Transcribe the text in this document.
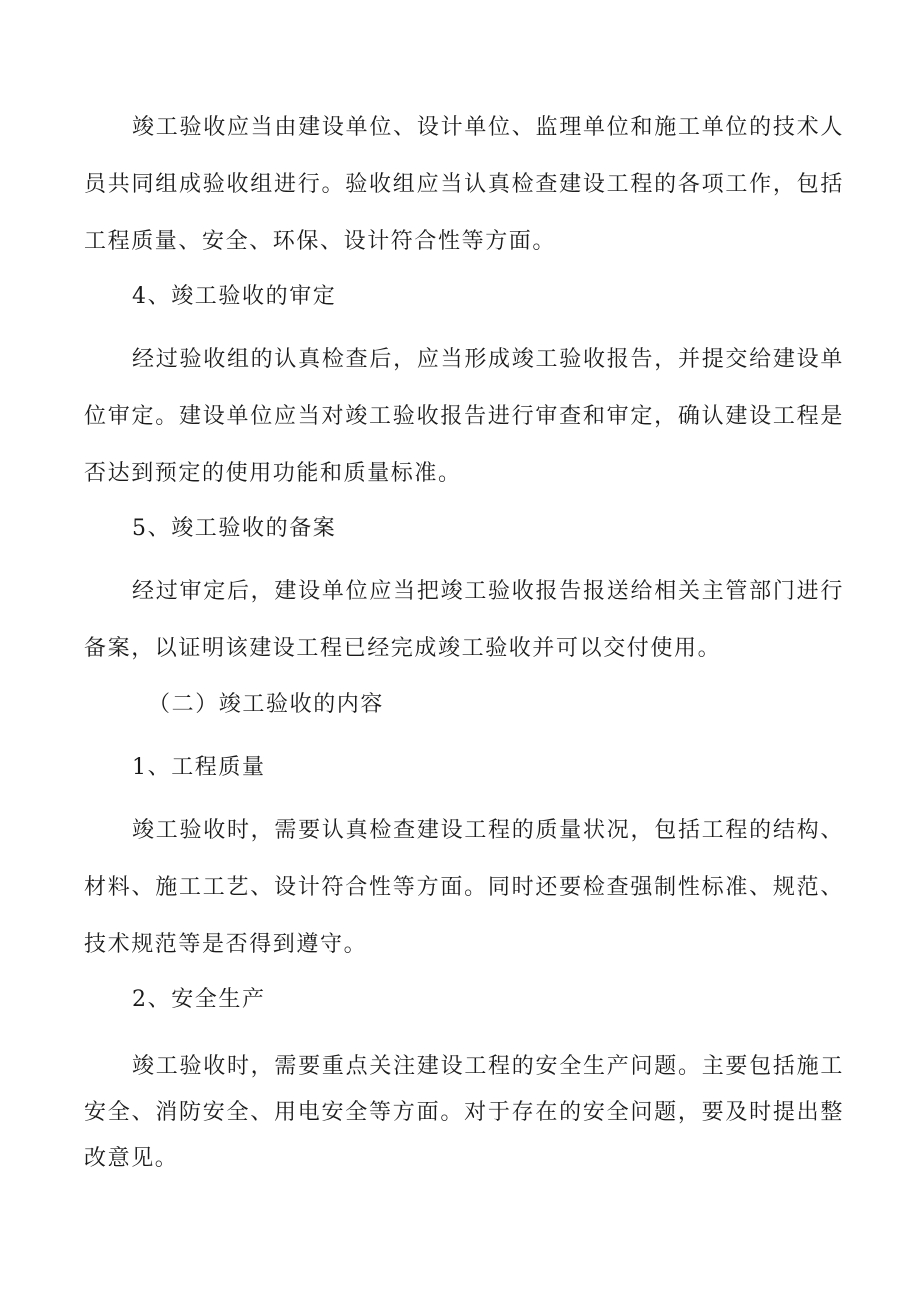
竣工验收应当由建设单位、设计单位、监理单位和施工单位的技术人员共同组成验收组进行。验收组应当认真检查建设工程的各项工作，包括工程质量、安全、环保、设计符合性等方面。

4、竣工验收的审定

经过验收组的认真检查后，应当形成竣工验收报告，并提交给建设单位审定。建设单位应当对竣工验收报告进行审查和审定，确认建设工程是否达到预定的使用功能和质量标准。

5、竣工验收的备案

经过审定后，建设单位应当把竣工验收报告报送给相关主管部门进行备案，以证明该建设工程已经完成竣工验收并可以交付使用。

（二）竣工验收的内容

1、工程质量

竣工验收时，需要认真检查建设工程的质量状况，包括工程的结构、材料、施工工艺、设计符合性等方面。同时还要检查强制性标准、规范、技术规范等是否得到遵守。

2、安全生产

竣工验收时，需要重点关注建设工程的安全生产问题。主要包括施工安全、消防安全、用电安全等方面。对于存在的安全问题，要及时提出整改意见。
